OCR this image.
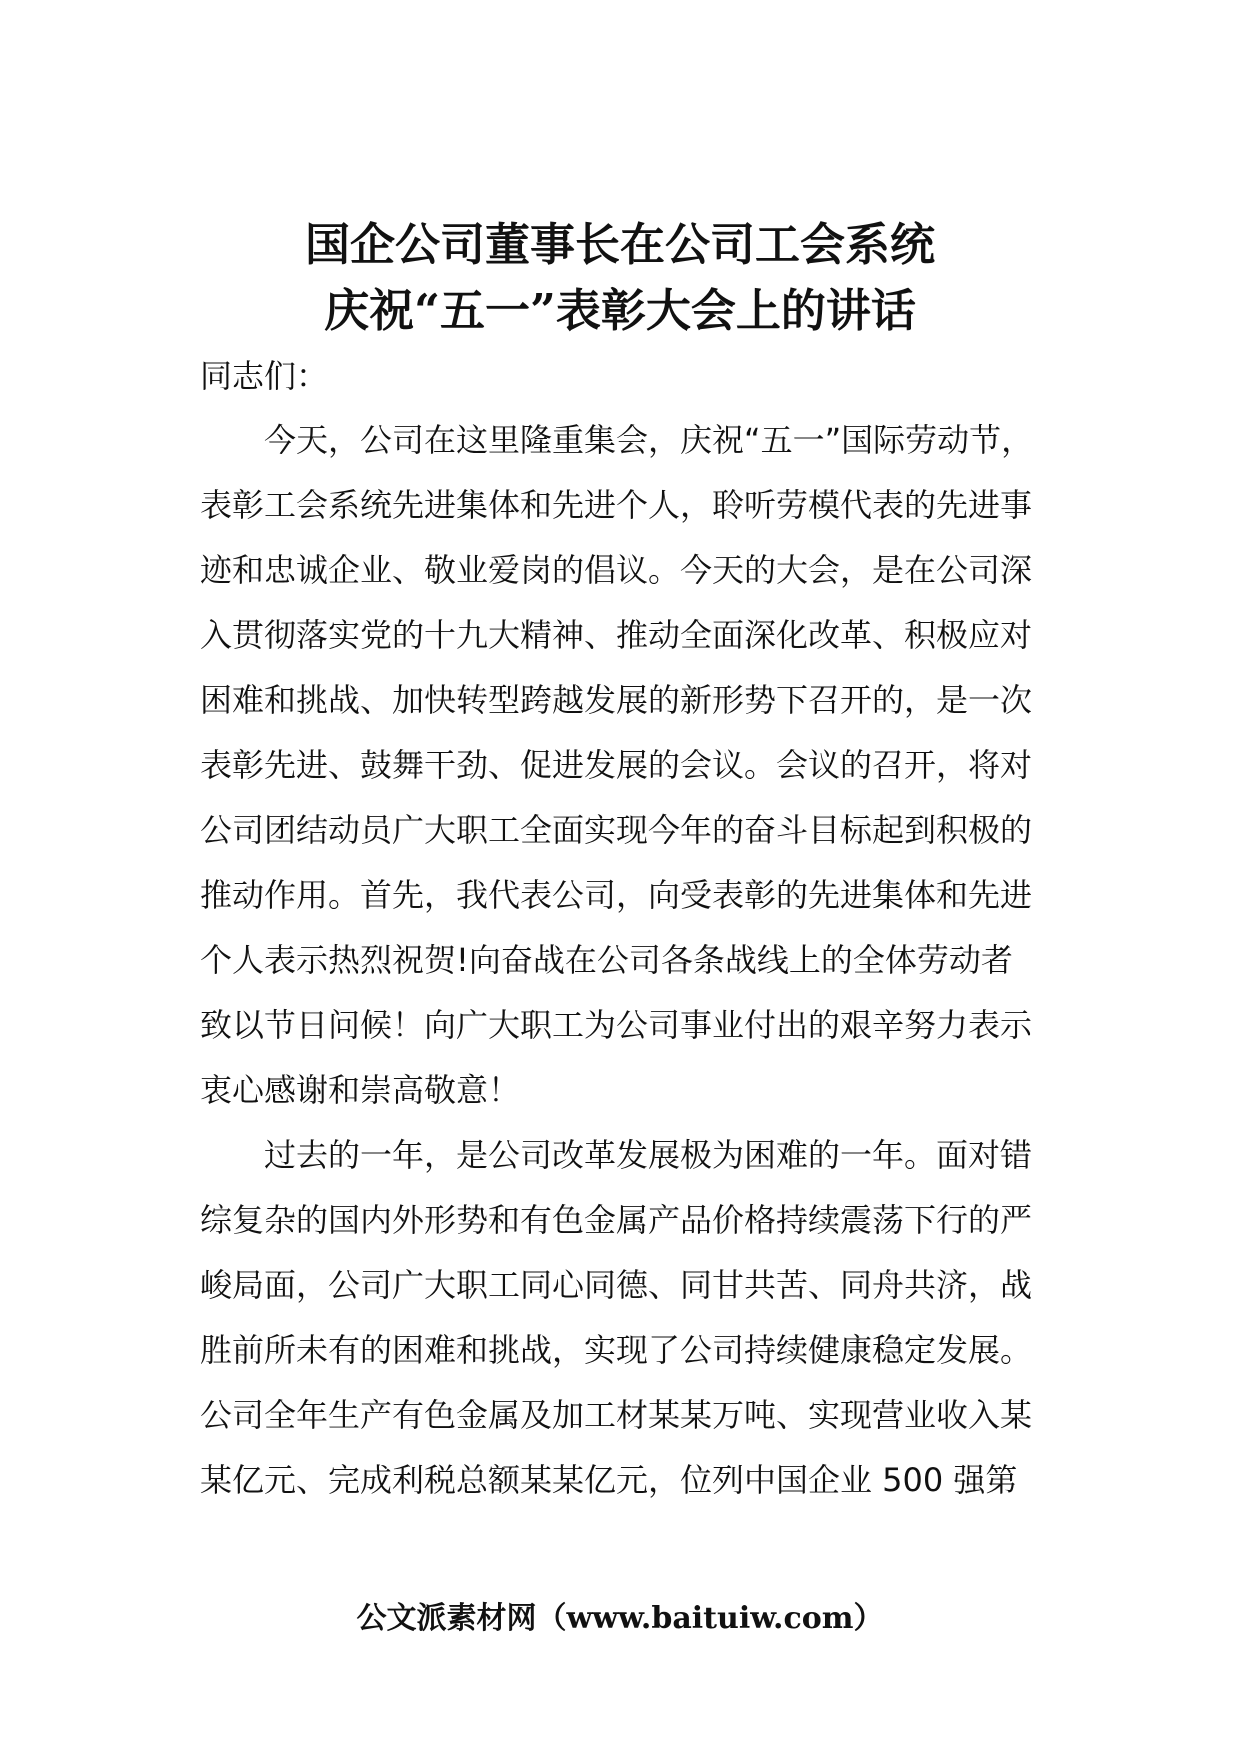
国企公司董事长在公司工会系统
庆祝“五一”表彰大会上的讲话
同志们：
今天，公司在这里隆重集会，庆祝“五一”国际劳动节，
表彰工会系统先进集体和先进个人，聆听劳模代表的先进事
迹和忠诚企业、敬业爱岗的倡议。今天的大会，是在公司深
入贯彻落实党的十九大精神、推动全面深化改革、积极应对
困难和挑战、加快转型跨越发展的新形势下召开的，是一次
表彰先进、鼓舞干劲、促进发展的会议。会议的召开，将对
公司团结动员广大职工全面实现今年的奋斗目标起到积极的
推动作用。首先，我代表公司，向受表彰的先进集体和先进
个人表示热烈祝贺!向奋战在公司各条战线上的全体劳动者
致以节日问候！向广大职工为公司事业付出的艰辛努力表示
衷心感谢和崇高敬意！
过去的一年，是公司改革发展极为困难的一年。面对错
综复杂的国内外形势和有色金属产品价格持续震荡下行的严
峻局面，公司广大职工同心同德、同甘共苦、同舟共济，战
胜前所未有的困难和挑战，实现了公司持续健康稳定发展。
公司全年生产有色金属及加工材某某万吨、实现营业收入某
某亿元、完成利税总额某某亿元，位列中国企业 500 强第
公文派素材网（www.baituiw.com）
